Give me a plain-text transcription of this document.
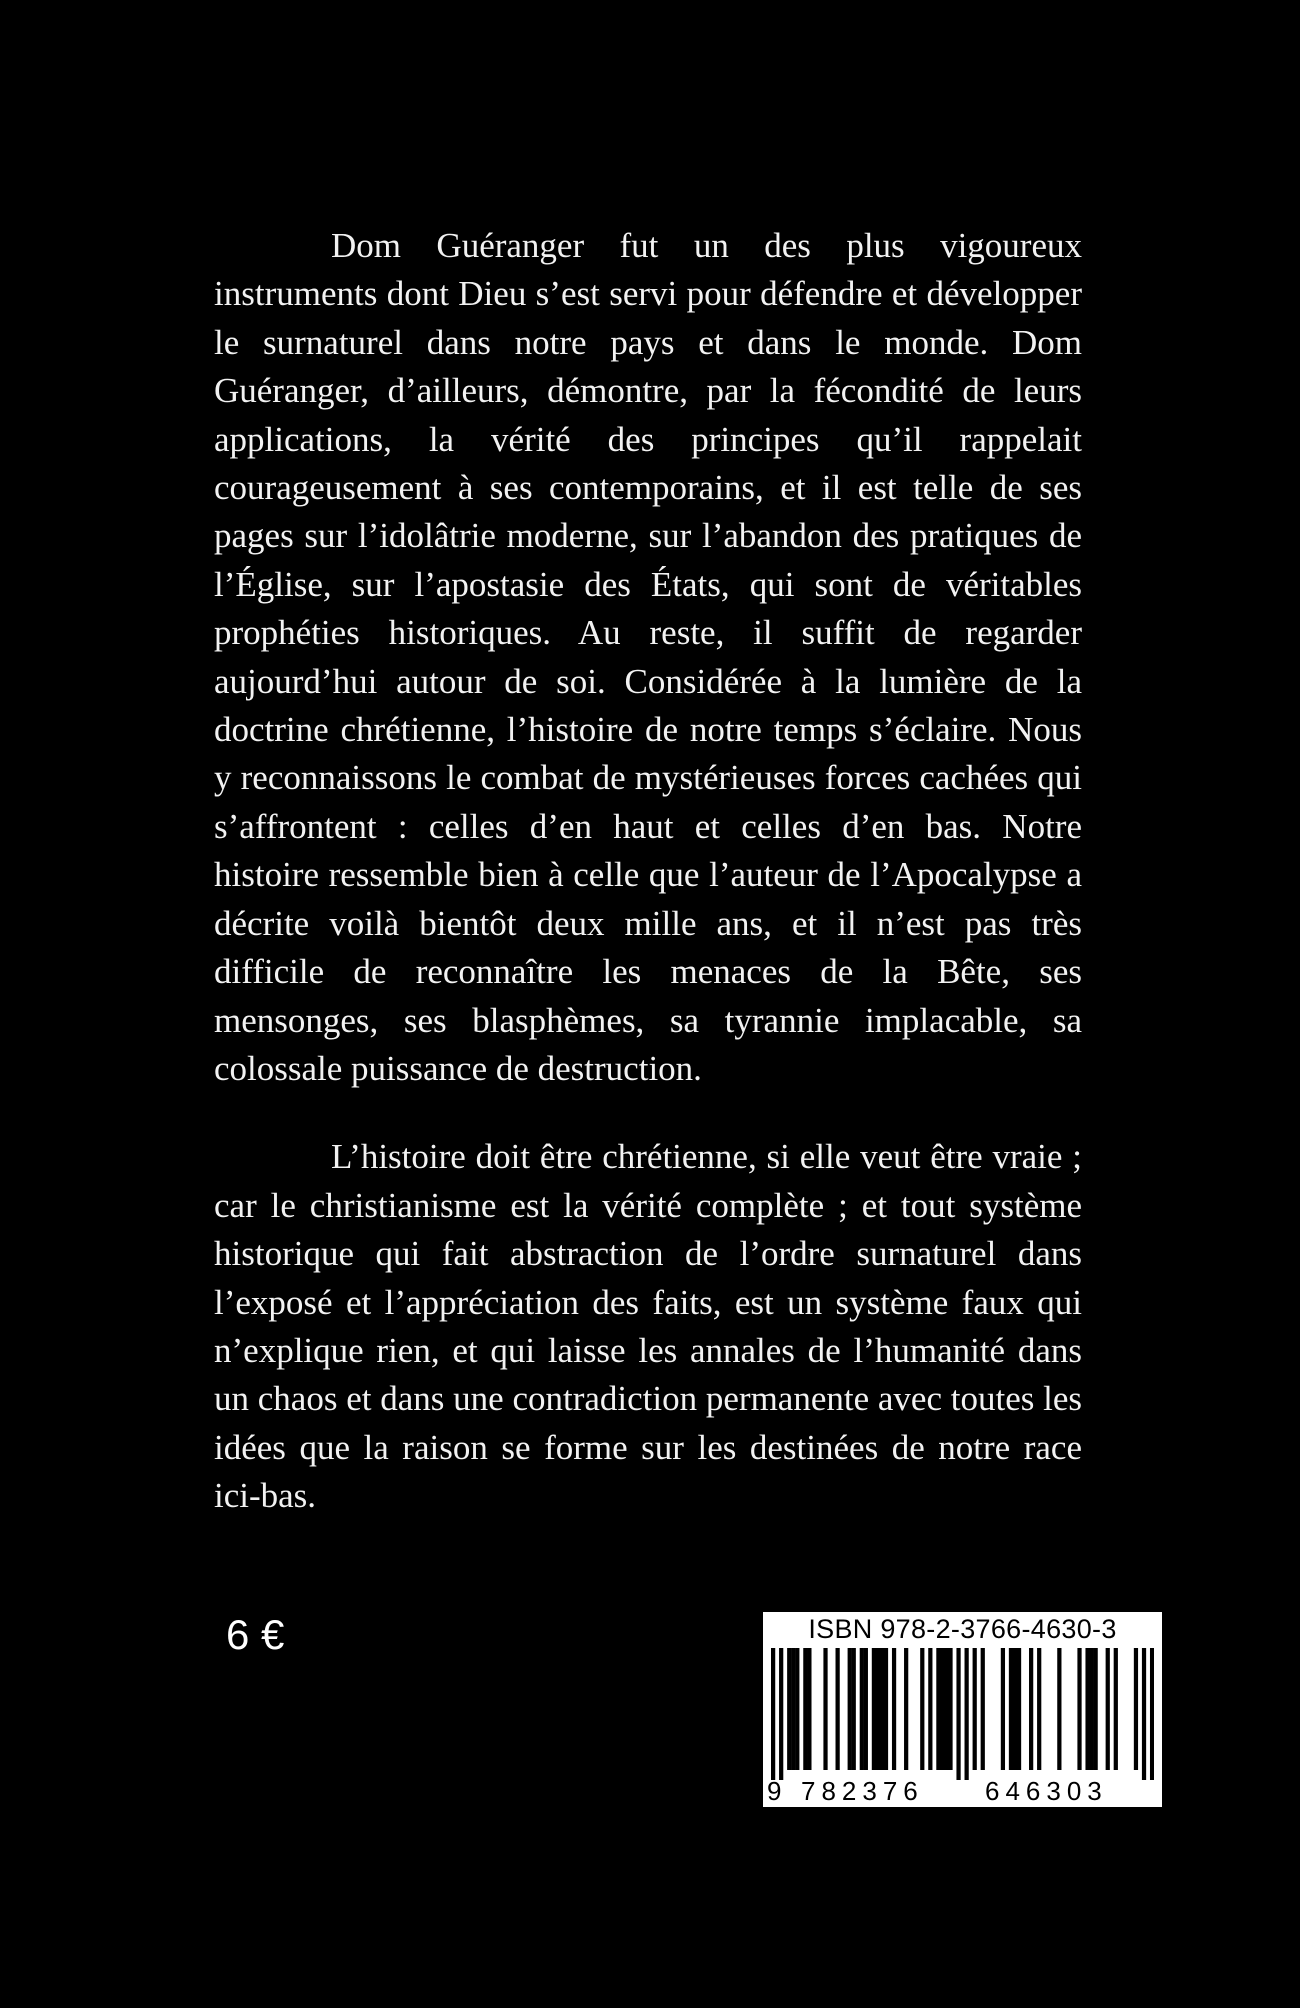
Dom Guéranger fut un des plus vigoureux instruments dont Dieu s’est servi pour défendre et développer le surnaturel dans notre pays et dans le monde. Dom Guéranger, d’ailleurs, démontre, par la fécondité de leurs applications, la vérité des principes qu’il rappelait courageusement à ses contemporains, et il est telle de ses pages sur l’idolâtrie moderne, sur l’abandon des pratiques de l’Église, sur l’apostasie des États, qui sont de véritables prophéties historiques. Au reste, il suffit de regarder aujourd’hui autour de soi. Considérée à la lumière de la doctrine chrétienne, l’histoire de notre temps s’éclaire. Nous y reconnaissons le combat de mystérieuses forces cachées qui s’affrontent : celles d’en haut et celles d’en bas. Notre histoire ressemble bien à celle que l’auteur de l’Apocalypse a décrite voilà bientôt deux mille ans, et il n’est pas très difficile de reconnaître les menaces de la Bête, ses mensonges, ses blasphèmes, sa tyrannie implacable, sa colossale puissance de destruction.

L’histoire doit être chrétienne, si elle veut être vraie ; car le christianisme est la vérité complète ; et tout système historique qui fait abstraction de l’ordre surnaturel dans l’exposé et l’appréciation des faits, est un système faux qui n’explique rien, et qui laisse les annales de l’humanité dans un chaos et dans une contradiction permanente avec toutes les idées que la raison se forme sur les destinées de notre race ici-bas.

6 €	ISBN 978-2-3766-4630-3
9 782376 646303
